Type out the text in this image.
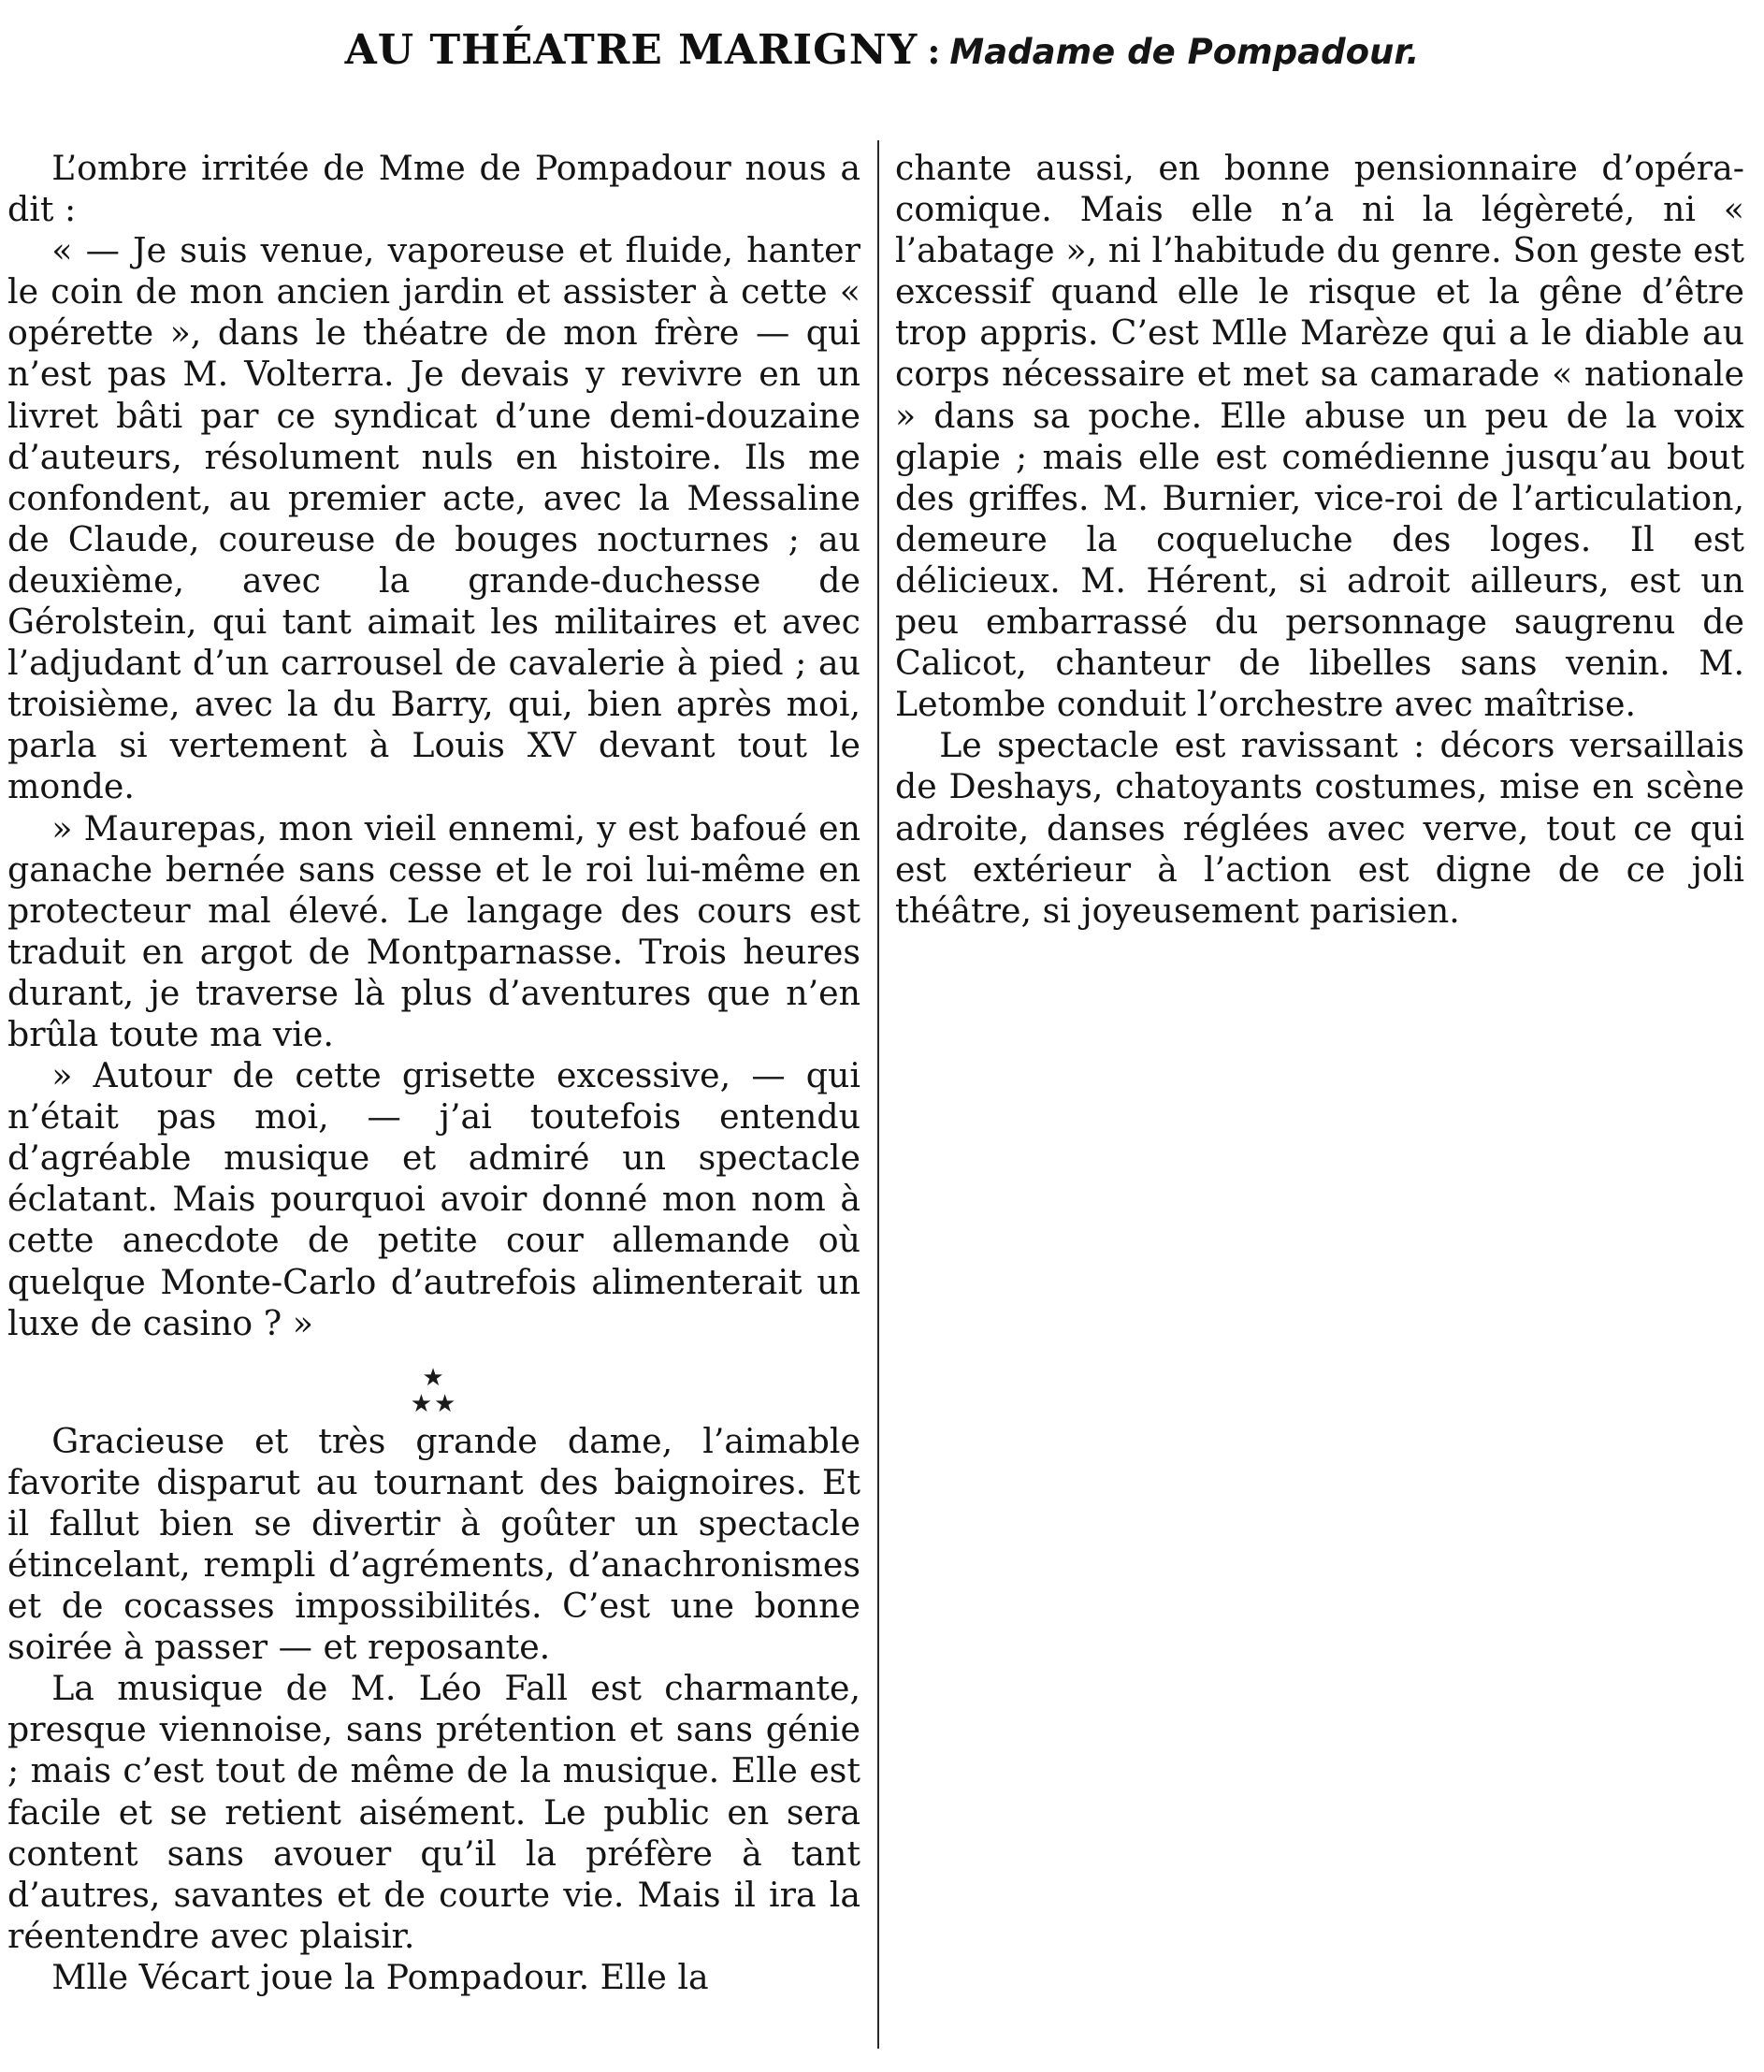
AU THÉATRE MARIGNY : Madame de Pompadour.

L’ombre irritée de Mme de Pompadour nous a dit :

« — Je suis venue, vaporeuse et fluide, hanter le coin de mon ancien jardin et assister à cette « opérette », dans le théatre de mon frère — qui n’est pas M. Volterra. Je devais y revivre en un livret bâti par ce syndicat d’une demi-douzaine d’auteurs, résolument nuls en histoire. Ils me confondent, au premier acte, avec la Messaline de Claude, coureuse de bouges nocturnes ; au deuxième, avec la grande-duchesse de Gérolstein, qui tant aimait les militaires et avec l’adjudant d’un carrousel de cavalerie à pied ; au troisième, avec la du Barry, qui, bien après moi, parla si vertement à Louis XV devant tout le monde.

» Maurepas, mon vieil ennemi, y est bafoué en ganache bernée sans cesse et le roi lui-même en protecteur mal élevé. Le langage des cours est traduit en argot de Montparnasse. Trois heures durant, je traverse là plus d’aventures que n’en brûla toute ma vie.

» Autour de cette grisette excessive, — qui n’était pas moi, — j’ai toutefois entendu d’agréable musique et admiré un spectacle éclatant. Mais pourquoi avoir donné mon nom à cette anecdote de petite cour allemande où quelque Monte-Carlo d’autrefois alimenterait un luxe de casino ? »

★
★★

Gracieuse et très grande dame, l’aimable favorite disparut au tournant des baignoires. Et il fallut bien se divertir à goûter un spectacle étincelant, rempli d’agréments, d’anachronismes et de cocasses impossibilités. C’est une bonne soirée à passer — et reposante.

La musique de M. Léo Fall est charmante, presque viennoise, sans prétention et sans génie ; mais c’est tout de même de la musique. Elle est facile et se retient aisément. Le public en sera content sans avouer qu’il la préfère à tant d’autres, savantes et de courte vie. Mais il ira la réentendre avec plaisir.

Mlle Vécart joue la Pompadour. Elle la

chante aussi, en bonne pensionnaire d’opéra-comique. Mais elle n’a ni la légèreté, ni « l’abatage », ni l’habitude du genre. Son geste est excessif quand elle le risque et la gêne d’être trop appris. C’est Mlle Marèze qui a le diable au corps nécessaire et met sa camarade « nationale » dans sa poche. Elle abuse un peu de la voix glapie ; mais elle est comédienne jusqu’au bout des griffes. M. Burnier, vice-roi de l’articulation, demeure la coqueluche des loges. Il est délicieux. M. Hérent, si adroit ailleurs, est un peu embarrassé du personnage saugrenu de Calicot, chanteur de libelles sans venin. M. Letombe conduit l’orchestre avec maîtrise.

Le spectacle est ravissant : décors versaillais de Deshays, chatoyants costumes, mise en scène adroite, danses réglées avec verve, tout ce qui est extérieur à l’action est digne de ce joli théâtre, si joyeusement parisien.
